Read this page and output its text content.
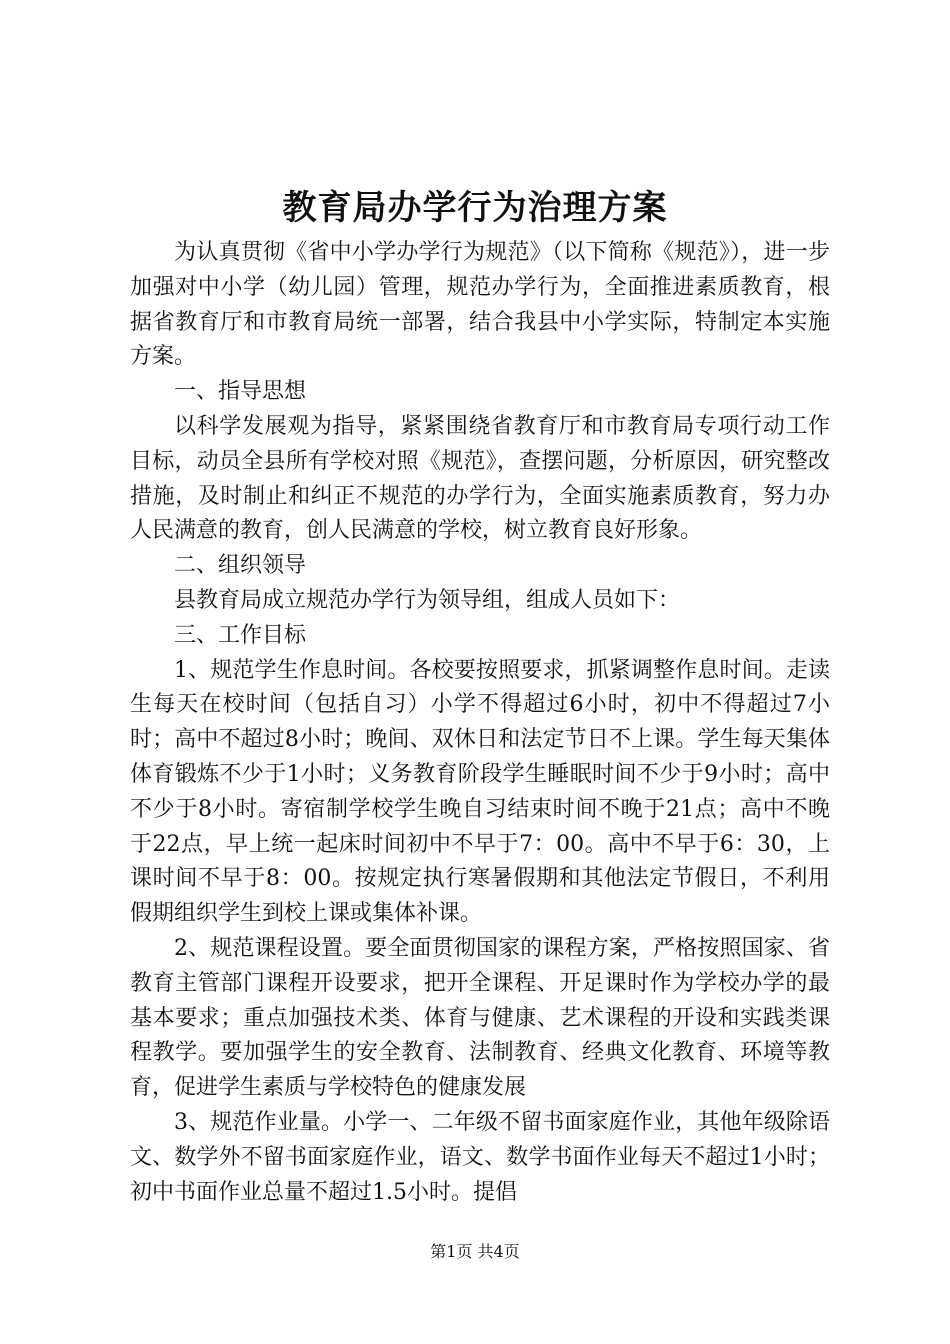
教育局办学行为治理方案

为认真贯彻《省中小学办学行为规范》（以下简称《规范》），进一步加强对中小学（幼儿园）管理，规范办学行为，全面推进素质教育，根据省教育厅和市教育局统一部署，结合我县中小学实际，特制定本实施方案。

一、指导思想

以科学发展观为指导，紧紧围绕省教育厅和市教育局专项行动工作目标，动员全县所有学校对照《规范》，查摆问题，分析原因，研究整改措施，及时制止和纠正不规范的办学行为，全面实施素质教育，努力办人民满意的教育，创人民满意的学校，树立教育良好形象。

二、组织领导

县教育局成立规范办学行为领导组，组成人员如下：

三、工作目标

1、规范学生作息时间。各校要按照要求，抓紧调整作息时间。走读生每天在校时间（包括自习）小学不得超过6小时，初中不得超过7小时；高中不超过8小时；晚间、双休日和法定节日不上课。学生每天集体体育锻炼不少于1小时；义务教育阶段学生睡眠时间不少于9小时；高中不少于8小时。寄宿制学校学生晚自习结束时间不晚于21点；高中不晚于22点，早上统一起床时间初中不早于7：00。高中不早于6：30，上课时间不早于8：00。按规定执行寒暑假期和其他法定节假日，不利用假期组织学生到校上课或集体补课。

2、规范课程设置。要全面贯彻国家的课程方案，严格按照国家、省教育主管部门课程开设要求，把开全课程、开足课时作为学校办学的最基本要求；重点加强技术类、体育与健康、艺术课程的开设和实践类课程教学。要加强学生的安全教育、法制教育、经典文化教育、环境等教育，促进学生素质与学校特色的健康发展

3、规范作业量。小学一、二年级不留书面家庭作业，其他年级除语文、数学外不留书面家庭作业，语文、数学书面作业每天不超过1小时；初中书面作业总量不超过1.5小时。提倡

第1页 共4页
